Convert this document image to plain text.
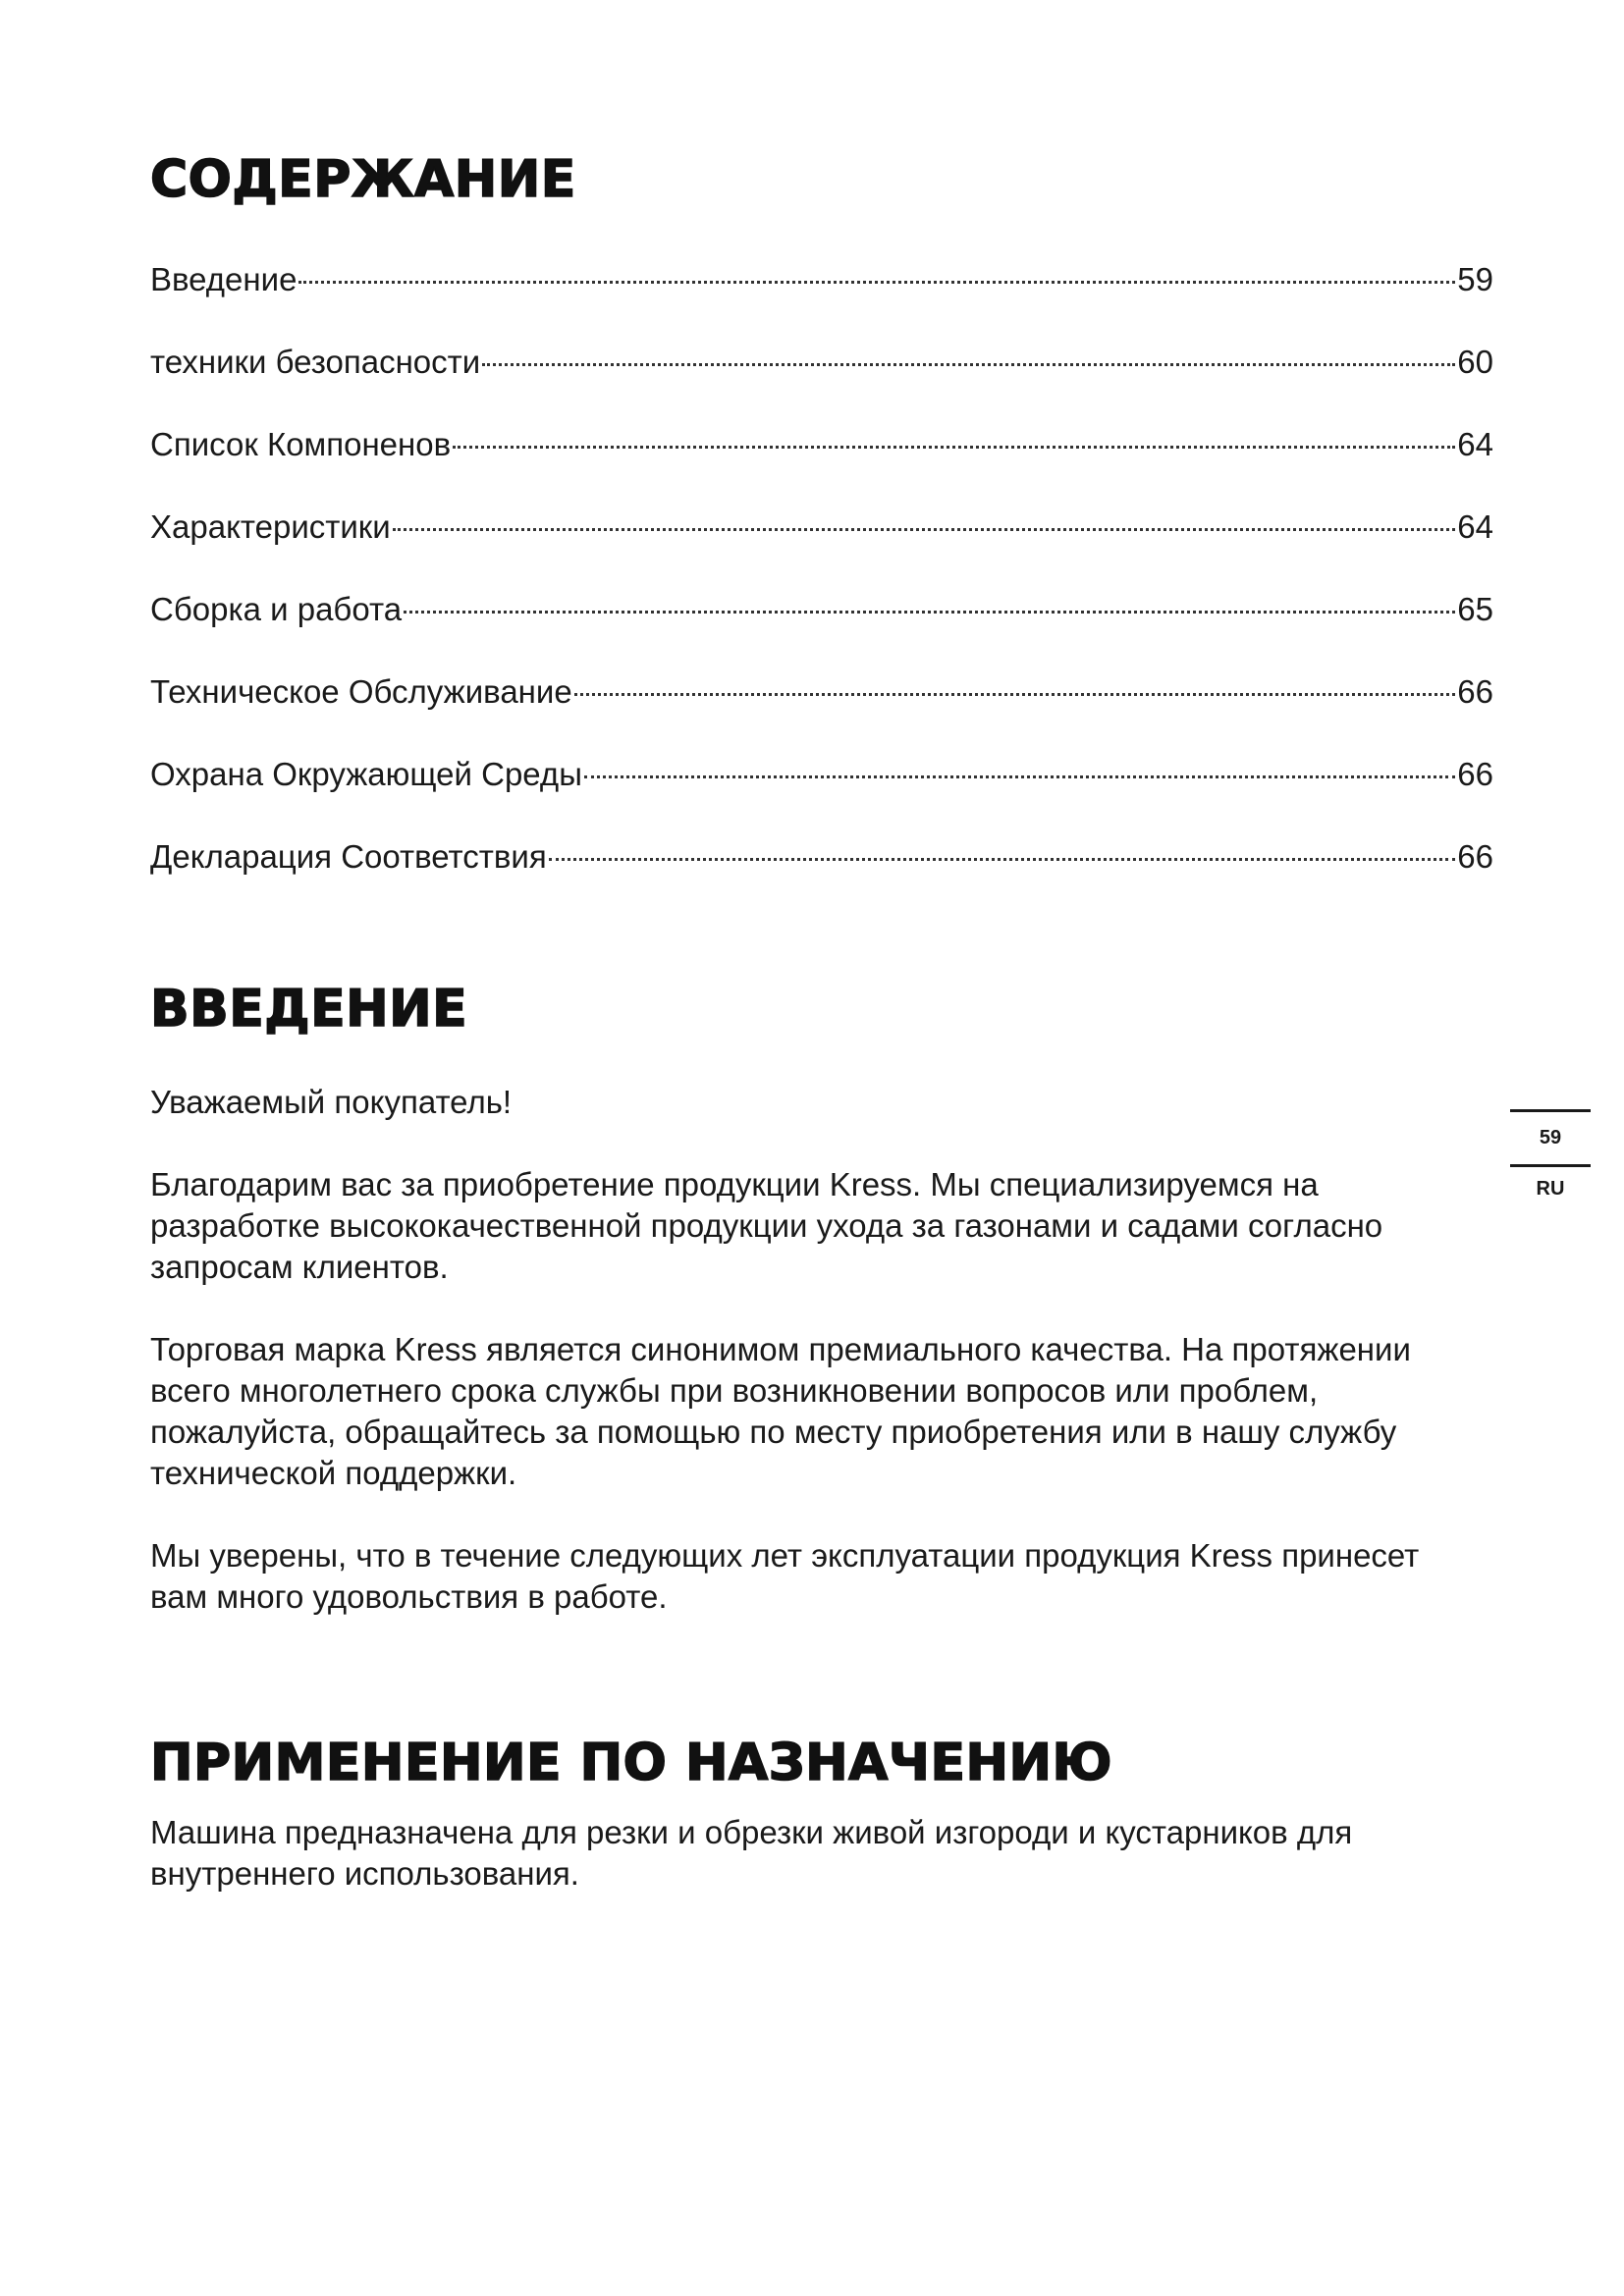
СОДЕРЖАНИЕ
Введение	59
техники безопасности	60
Список Компоненов	64
Характеристики	64
Сборка и работа	65
Техническое Обслуживание	66
Охрана Окружающей Среды	66
Декларация Соответствия	66
ВВЕДЕНИЕ

Уважаемый покупатель!

Благодарим вас за приобретение продукции Kress. Мы специализируемся на разработке высококачественной продукции ухода за газонами и садами согласно запросам клиентов.

Торговая марка Kress является синонимом премиального качества. На протяжении всего многолетнего срока службы при возникновении вопросов или проблем, пожалуйста, обращайтесь за помощью по месту приобретения или в нашу службу технической поддержки.

Мы уверены, что в течение следующих лет эксплуатации продукция Kress принесет вам много удовольствия в работе.

ПРИМЕНЕНИЕ ПО НАЗНАЧЕНИЮ

Машина предназначена для резки и обрезки живой изгороди и кустарников для внутреннего использования.

59
RU
